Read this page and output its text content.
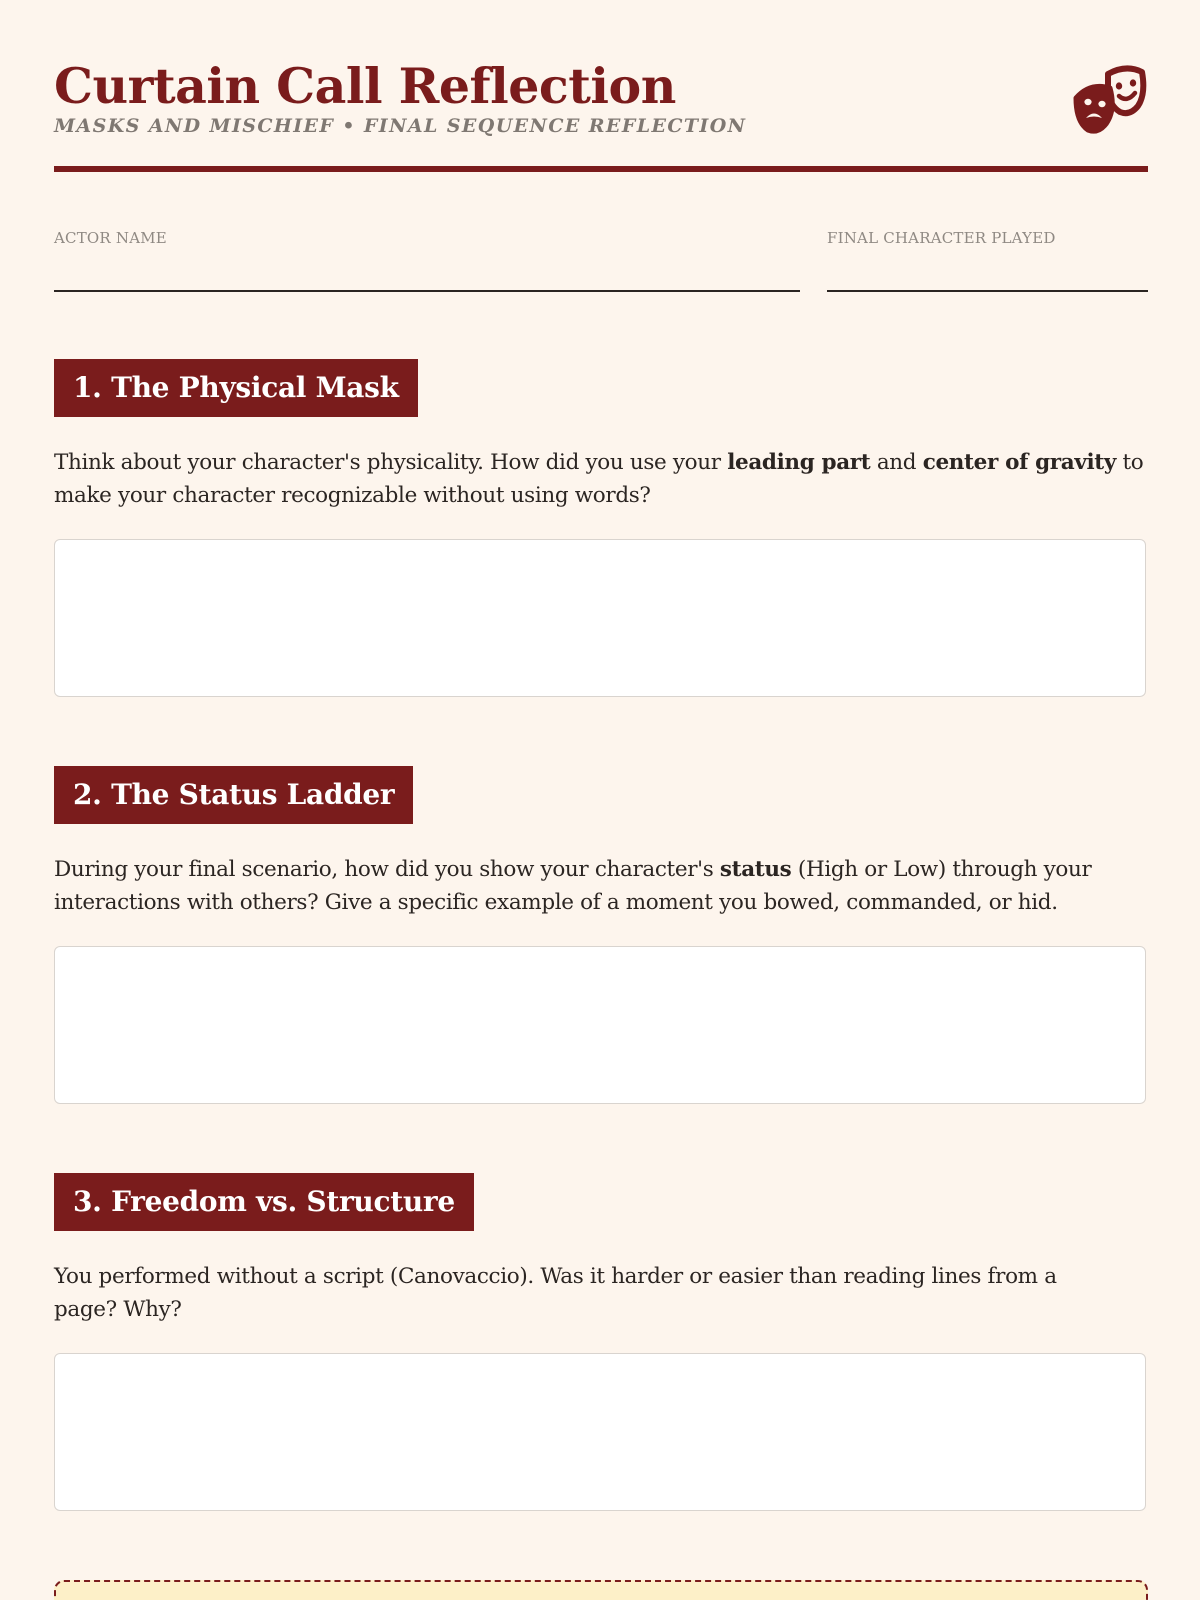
Curtain Call Reflection
MASKS AND MISCHIEF • FINAL SEQUENCE REFLECTION
ACTOR NAME	FINAL CHARACTER PLAYED
1. The Physical Mask

Think about your character's physicality. How did you use your leading part and center of gravity to make your character recognizable without using words?

2. The Status Ladder

During your final scenario, how did you show your character's status (High or Low) through your interactions with others? Give a specific example of a moment you bowed, commanded, or hid.

3. Freedom vs. Structure

You performed without a script (Canovaccio). Was it harder or easier than reading lines from a page? Why?
